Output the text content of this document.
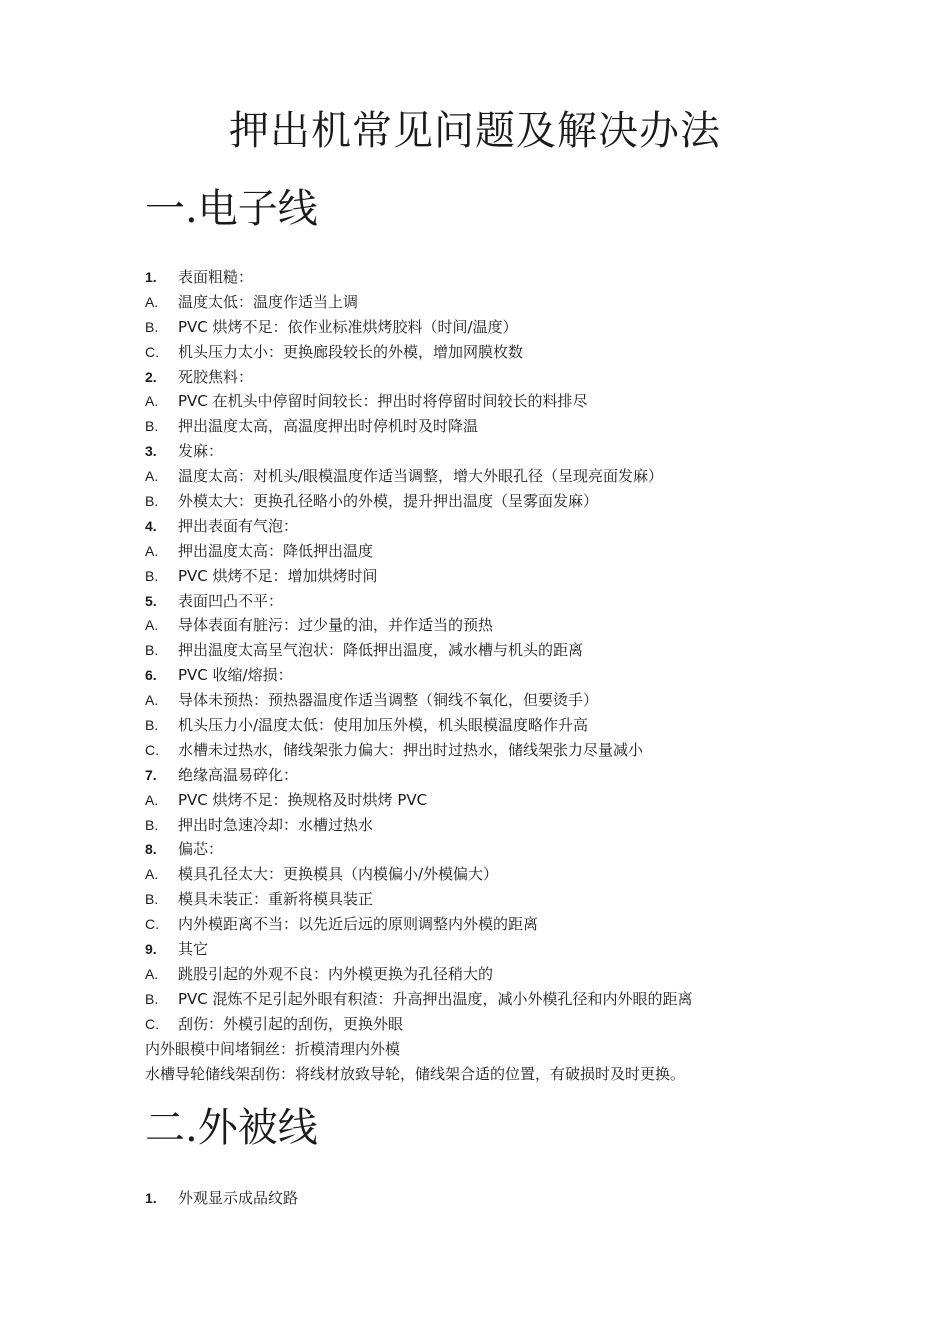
押出机常见问题及解决办法
一.电子线
1.	表面粗糙：
A.	温度太低：温度作适当上调
B.	PVC 烘烤不足：依作业标准烘烤胶料（时间/温度）
C.	机头压力太小：更换廊段较长的外模，增加网膜枚数
2.	死胶焦料：
A.	PVC 在机头中停留时间较长：押出时将停留时间较长的料排尽
B.	押出温度太高，高温度押出时停机时及时降温
3.	发麻：
A.	温度太高：对机头/眼模温度作适当调整，增大外眼孔径（呈现亮面发麻）
B.	外模太大：更换孔径略小的外模，提升押出温度（呈雾面发麻）
4.	押出表面有气泡：
A.	押出温度太高：降低押出温度
B.	PVC 烘烤不足：增加烘烤时间
5.	表面凹凸不平：
A.	导体表面有脏污：过少量的油，并作适当的预热
B.	押出温度太高呈气泡状：降低押出温度，减水槽与机头的距离
6.	PVC 收缩/熔损：
A.	导体未预热：预热器温度作适当调整（铜线不氧化，但要烫手）
B.	机头压力小/温度太低：使用加压外模，机头眼模温度略作升高
C.	水槽未过热水，储线架张力偏大：押出时过热水，储线架张力尽量减小
7.	绝缘高温易碎化：
A.	PVC 烘烤不足：换规格及时烘烤 PVC
B.	押出时急速冷却：水槽过热水
8.	偏芯：
A.	模具孔径太大：更换模具（内模偏小/外模偏大）
B.	模具未装正：重新将模具装正
C.	内外模距离不当：以先近后远的原则调整内外模的距离
9.	其它
A.	跳股引起的外观不良：内外模更换为孔径稍大的
B.	PVC 混炼不足引起外眼有积渣：升高押出温度，减小外模孔径和内外眼的距离
C.	刮伤：外模引起的刮伤，更换外眼
内外眼模中间堵铜丝：折模清理内外模
水槽导轮储线架刮伤：将线材放致导轮，储线架合适的位置，有破损时及时更换。
二.外被线
1.	外观显示成品纹路
